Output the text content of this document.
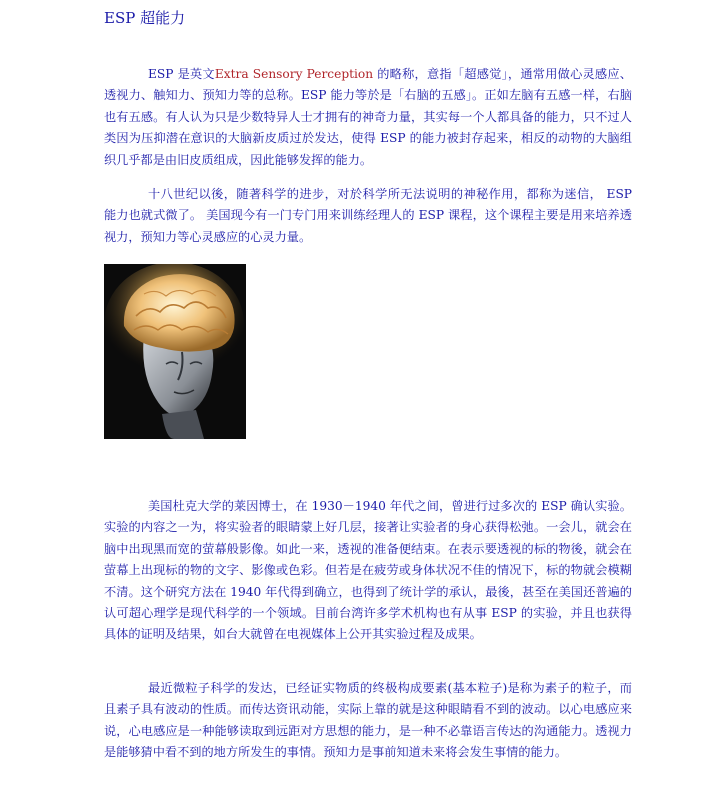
ESP 超能力

ESP 是英文Extra Sensory Perception 的略称，意指「超感觉」，通常用做心灵感应、透视力、触知力、预知力等的总称。ESP 能力等於是「右脑的五感」。正如左脑有五感一样，右脑也有五感。有人认为只是少数特异人士才拥有的神奇力量，其实每一个人都具备的能力，只不过人类因为压抑潜在意识的大脑新皮质过於发达，使得 ESP 的能力被封存起来，相反的动物的大脑组织几乎都是由旧皮质组成，因此能够发挥的能力。

十八世纪以後，随著科学的进步，对於科学所无法说明的神秘作用，都称为迷信， ESP 能力也就式微了。 美国现今有一门专门用来训练经理人的 ESP 课程，这个课程主要是用来培养透视力，预知力等心灵感应的心灵力量。

美国杜克大学的莱因博士，在 1930－1940 年代之间，曾进行过多次的 ESP 确认实验。实验的内容之一为，将实验者的眼睛蒙上好几层，接著让实验者的身心获得松弛。一会儿，就会在脑中出现黑而宽的萤幕般影像。如此一来，透视的准备便结束。在表示要透视的标的物後，就会在萤幕上出现标的物的文字、影像或色彩。但若是在疲劳或身体状况不佳的情况下，标的物就会模糊不清。这个研究方法在 1940 年代得到确立，也得到了统计学的承认，最後，甚至在美国还普遍的认可超心理学是现代科学的一个领域。目前台湾许多学术机构也有从事 ESP 的实验，并且也获得具体的证明及结果，如台大就曾在电视媒体上公开其实验过程及成果。

最近微粒子科学的发达，已经证实物质的终极构成要素(基本粒子)是称为素子的粒子，而且素子具有波动的性质。而传达资讯动能，实际上靠的就是这种眼睛看不到的波动。以心电感应来说，心电感应是一种能够读取到远距对方思想的能力，是一种不必靠语言传达的沟通能力。透视力是能够猜中看不到的地方所发生的事情。预知力是事前知道未来将会发生事情的能力。
